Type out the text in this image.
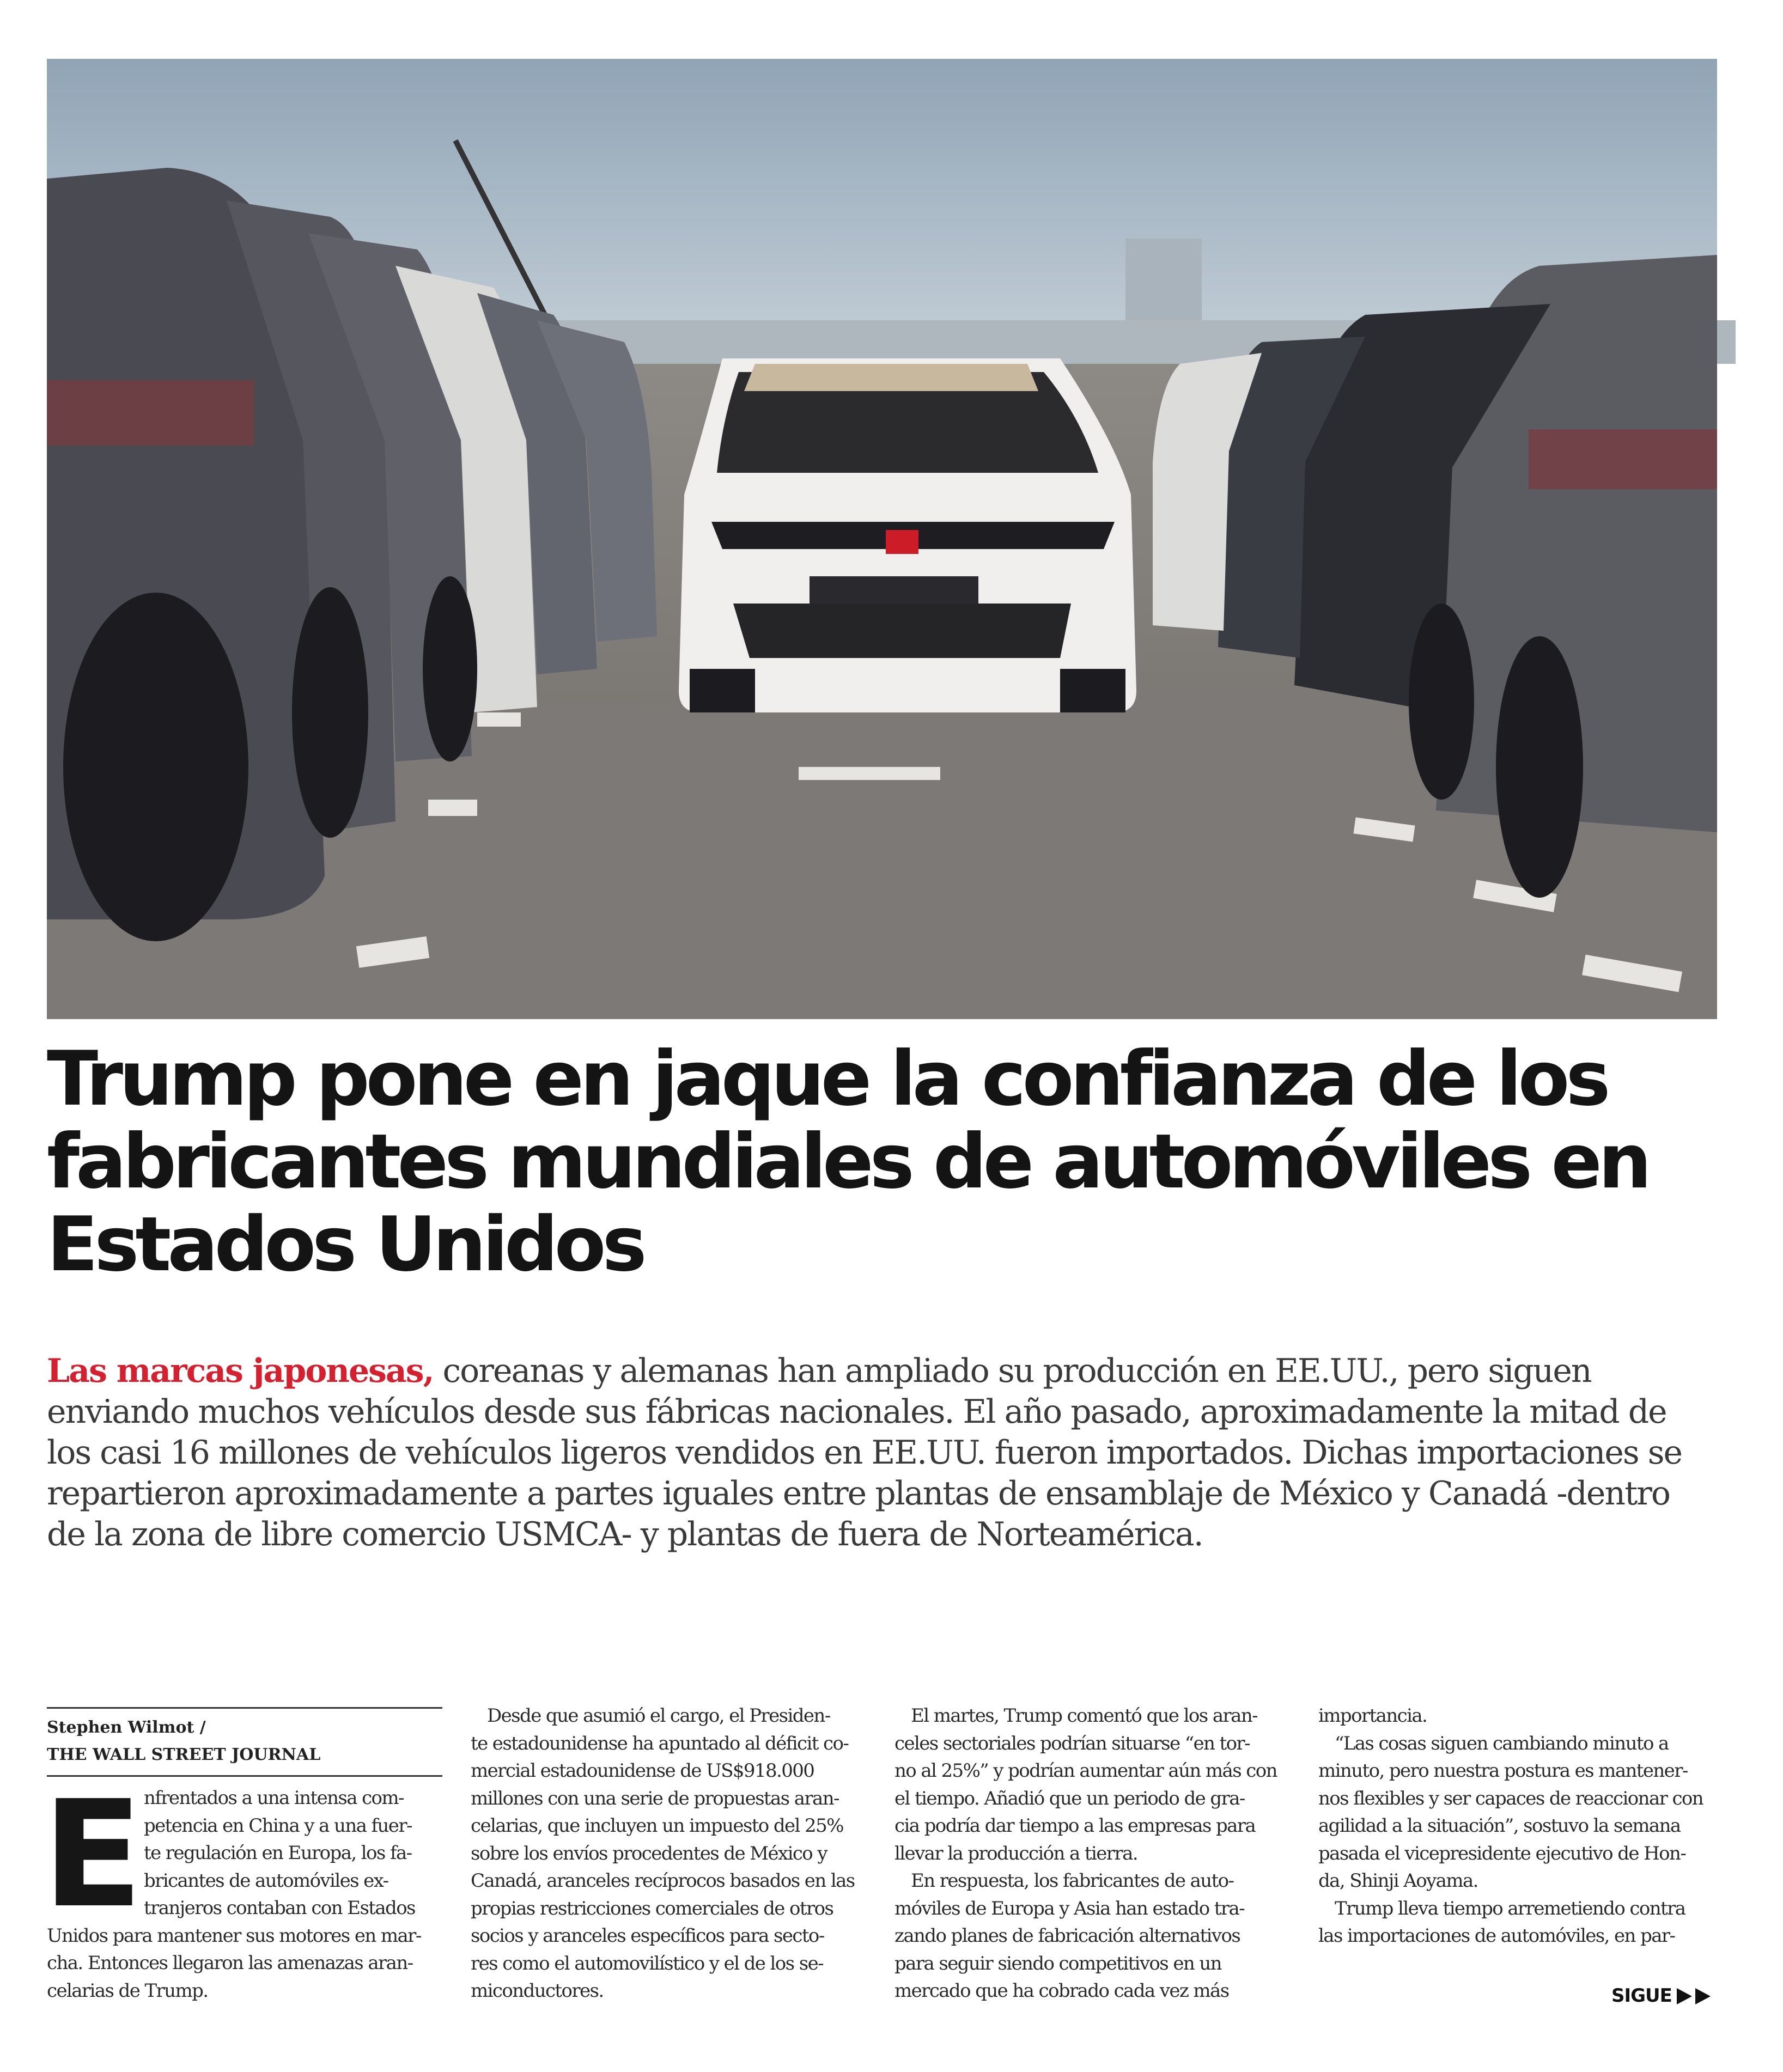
Trump pone en jaque la confianza de los
fabricantes mundiales de automóviles en
Estados Unidos

Las marcas japonesas, coreanas y alemanas han ampliado su producción en EE.UU., pero siguen
enviando muchos vehículos desde sus fábricas nacionales. El año pasado, aproximadamente la mitad de
los casi 16 millones de vehículos ligeros vendidos en EE.UU. fueron importados. Dichas importaciones se
repartieron aproximadamente a partes iguales entre plantas de ensamblaje de México y Canadá -dentro
de la zona de libre comercio USMCA- y plantas de fuera de Norteamérica.

Stephen Wilmot /
THE WALL STREET JOURNAL
E nfrentados a una intensa com-
petencia en China y a una fuer-
te regulación en Europa, los fa-
bricantes de automóviles ex-
tranjeros contaban con Estados
Unidos para mantener sus motores en mar-
cha. Entonces llegaron las amenazas aran-
celarias de Trump.
Desde que asumió el cargo, el Presiden-
te estadounidense ha apuntado al déficit co-
mercial estadounidense de US$918.000
millones con una serie de propuestas aran-
celarias, que incluyen un impuesto del 25%
sobre los envíos procedentes de México y
Canadá, aranceles recíprocos basados en las
propias restricciones comerciales de otros
socios y aranceles específicos para secto-
res como el automovilístico y el de los se-
miconductores.
El martes, Trump comentó que los aran-
celes sectoriales podrían situarse “en tor-
no al 25%” y podrían aumentar aún más con
el tiempo. Añadió que un periodo de gra-
cia podría dar tiempo a las empresas para
llevar la producción a tierra.
En respuesta, los fabricantes de auto-
móviles de Europa y Asia han estado tra-
zando planes de fabricación alternativos
para seguir siendo competitivos en un
mercado que ha cobrado cada vez más
importancia.
“Las cosas siguen cambiando minuto a
minuto, pero nuestra postura es mantener-
nos flexibles y ser capaces de reaccionar con
agilidad a la situación”, sostuvo la semana
pasada el vicepresidente ejecutivo de Hon-
da, Shinji Aoyama.
Trump lleva tiempo arremetiendo contra
las importaciones de automóviles, en par-
SIGUE
